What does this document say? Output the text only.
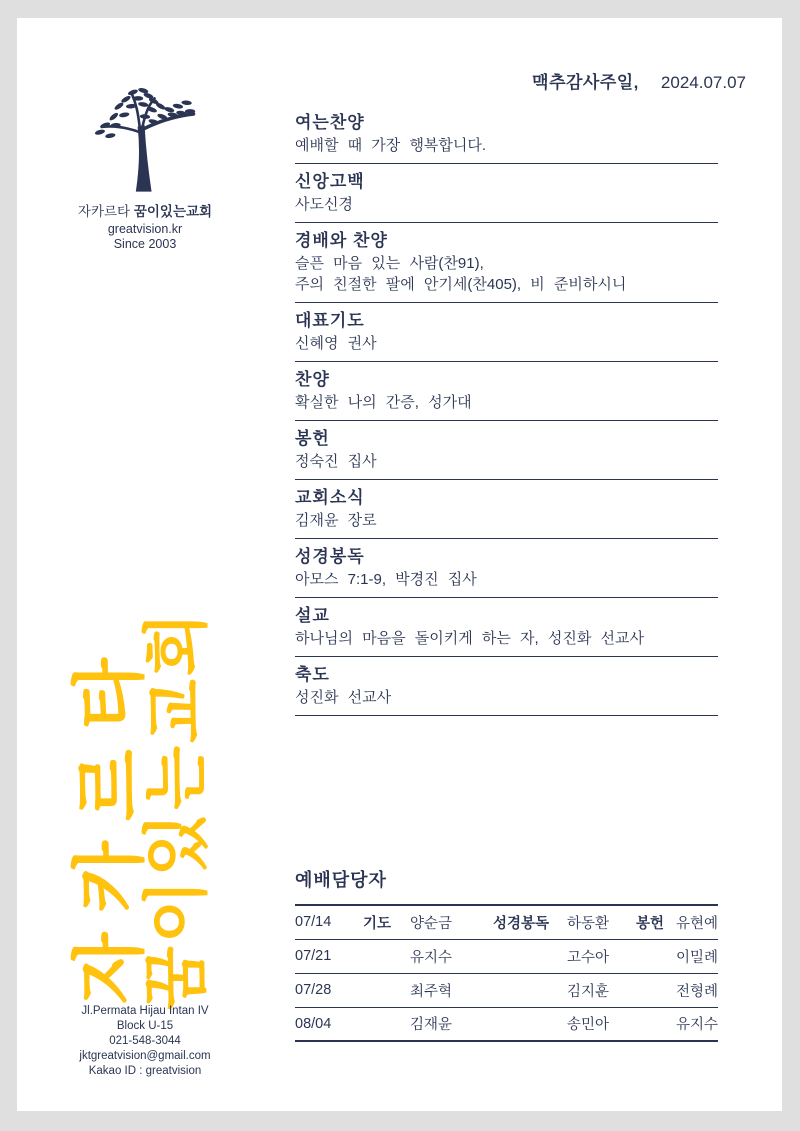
맥추감사주일, 2024.07.07
자카르타 꿈이있는교회
greatvision.kr
Since 2003
여는찬양

예배할 때 가장 행복합니다.

신앙고백

사도신경

경배와 찬양

슬픈 마음 있는 사람(찬91),

주의 친절한 팔에 안기세(찬405), 비 준비하시니

대표기도

신혜영 권사

찬양

확실한 나의 간증, 성가대

봉헌

정숙진 집사

교회소식

김재윤 장로

성경봉독

아모스 7:1-9, 박경진 집사

설교

하나님의 마음을 돌이키게 하는 자, 성진화 선교사

축도

성진화 선교사

예배담당자
07/14	기도	양순금	성경봉독	하동환	봉헌	유현예
07/21		유지수		고수아		이밀례
07/28		최주혁		김지훈		전형례
08/04		김재윤		송민아		유지수
자카르타
꿈이있는교회
Jl.Permata Hijau Intan IV
Block U-15
021-548-3044
jktgreatvision@gmail.com
Kakao ID : greatvision
